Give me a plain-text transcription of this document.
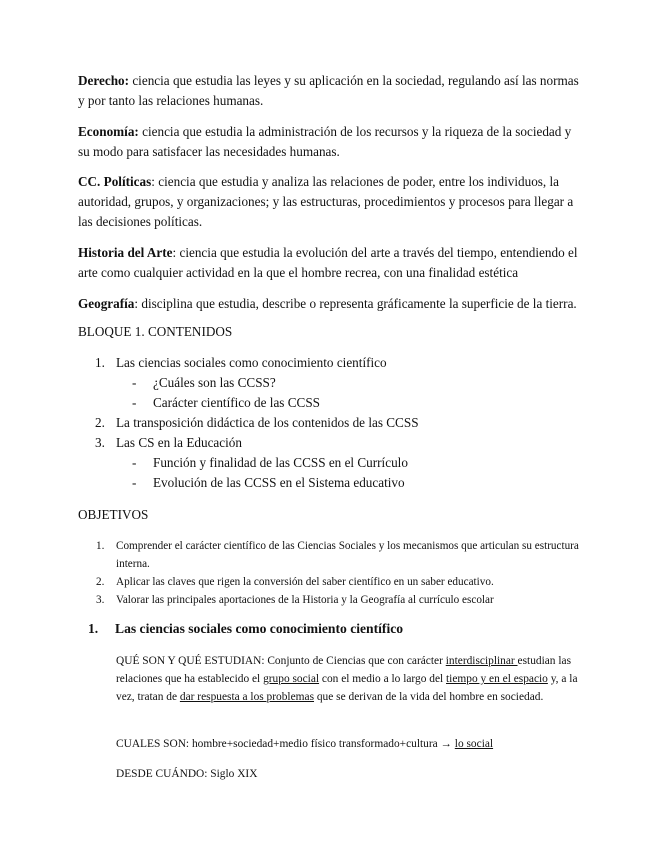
Derecho: ciencia que estudia las leyes y su aplicación en la sociedad, regulando así las normas y por tanto las relaciones humanas.

Economía: ciencia que estudia la administración de los recursos y la riqueza de la sociedad y su modo para satisfacer las necesidades humanas.

CC. Políticas: ciencia que estudia y analiza las relaciones de poder, entre los individuos, la autoridad, grupos, y organizaciones; y las estructuras, procedimientos y procesos para llegar a las decisiones políticas.

Historia del Arte: ciencia que estudia la evolución del arte a través del tiempo, entendiendo el arte como cualquier actividad en la que el hombre recrea, con una finalidad estética

Geografía: disciplina que estudia, describe o representa gráficamente la superficie de la tierra.

BLOQUE 1. CONTENIDOS

1. Las ciencias sociales como conocimiento científico

- ¿Cuáles son las CCSS?

- Carácter científico de las CCSS

2. La transposición didáctica de los contenidos de las CCSS

3. Las CS en la Educación

- Función y finalidad de las CCSS en el Currículo

- Evolución de las CCSS en el Sistema educativo

OBJETIVOS

1. Comprender el carácter científico de las Ciencias Sociales y los mecanismos que articulan su estructura interna.

2. Aplicar las claves que rigen la conversión del saber científico en un saber educativo.

3. Valorar las principales aportaciones de la Historia y la Geografía al currículo escolar

1. Las ciencias sociales como conocimiento científico

QUÉ SON Y QUÉ ESTUDIAN: Conjunto de Ciencias que con carácter interdisciplinar estudian las relaciones que ha establecido el grupo social con el medio a lo largo del tiempo y en el espacio y, a la vez, tratan de dar respuesta a los problemas que se derivan de la vida del hombre en sociedad.

CUALES SON: hombre+sociedad+medio físico transformado+cultura → lo social

DESDE CUÁNDO: Siglo XIX
